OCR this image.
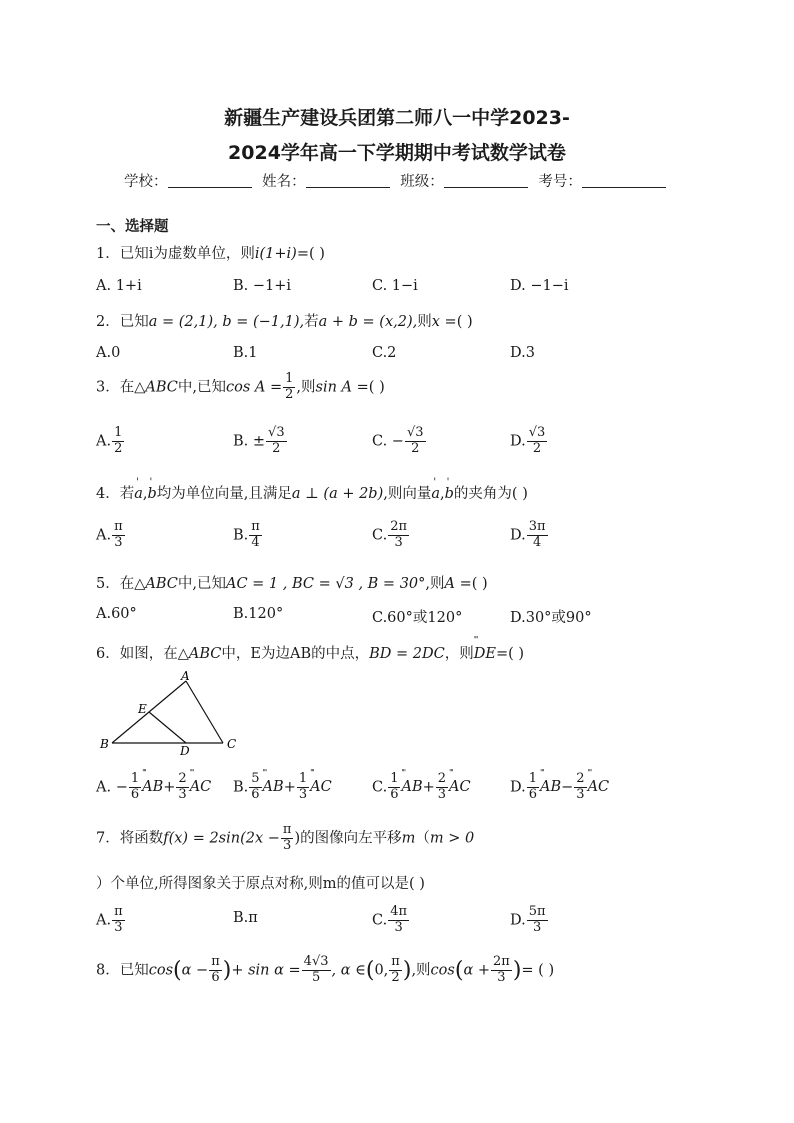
新疆生产建设兵团第二师八一中学2023-
2024学年高一下学期期中考试数学试卷
学校：	姓名：	班级：	考号：
一、选择题
1．已知i为虚数单位，则i(1+i)=( )
A. 1+i	B. −1+i	C. 1−i	D. −1−i
2．已知a = (2,1), b = (−1,1),若a + b = (x,2),则x =( )
A.0	B.1	C.2	D.3
3．在△ABC中,已知$\cos A = \frac{1}{2}$ ,则sin A =( )
A. $\frac{1}{2}$	B. ± $\frac{√3}{2}$	C. − $\frac{√3}{2}$	D. $\frac{√3}{2}$
4．若' a,' b均为单位向量,且满足a ⊥ (a + 2b),则向量' a,' b的夹角为( )
A. $\frac{\pi}{3}$	B. $\frac{\pi}{4}$	C. $\frac{2\pi}{3}$	D. $\frac{3\pi}{4}$
5．在△ABC中,已知AC = 1 , BC = √3 , B = 30°,则A =( )
A.60°	B.120°	C.60°或120°	D.30°或90°
6．如图，在△ABC中，E为边AB的中点，BD = 2DC，则ꞌꞌꞌ DE=( )
A
B	C
D
E
A. − $\frac{1}{6}$ ꞌꞌꞌ $AB+ \frac{2}{3}$ ꞌꞌꞌ AC B. $\frac{5}{6}$ ꞌꞌꞌ $AB+ \frac{1}{3}$ ꞌꞌꞌ AC	C. $\frac{1}{6}$ ꞌꞌꞌ $AB+ \frac{2}{3}$ ꞌꞌꞌ AC	D. $\frac{1}{6}$ ꞌꞌꞌ $AB- \frac{2}{3}$ ꞌꞌꞌ AC
7．将函数$f(x) = 2\sin(2x - \frac{\pi}{3}$ )的图像向左平移m（m > 0
）个单位,所得图象关于原点对称,则m的值可以是( )
A. $\frac{\pi}{3}$	B.π	C. $\frac{4\pi}{3}$	D. $\frac{5\pi}{3}$
8．已知$\cos(\alpha - \frac{\pi}{6}$ )+ $\sin \alpha = \frac{4√3}{5}$ , α ∈(0, $\frac{\pi}{2}$ ),则$\cos(\alpha + \frac{2\pi}{3}$ )= ( )
